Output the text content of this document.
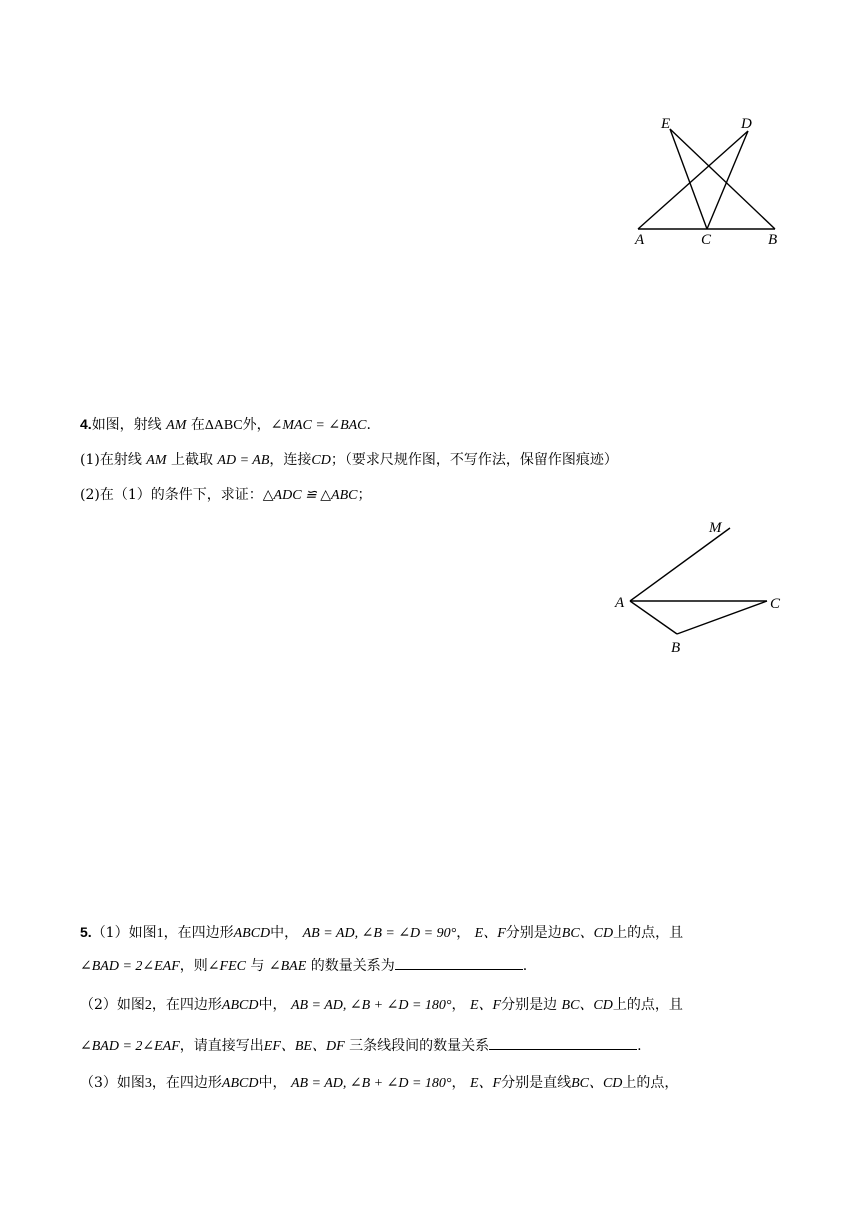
E	D
A	C	B
4.如图，射线 AM 在ΔABC外，∠MAC = ∠BAC.
(1)在射线 AM 上截取 AD = AB，连接CD；（要求尺规作图，不写作法，保留作图痕迹）
(2)在（1）的条件下，求证：△ADC ≌ △ABC；
M
A	C
B
5.（1）如图1，在四边形ABCD中， AB = AD, ∠B = ∠D = 90°， E、F分别是边BC、CD上的点，且
∠BAD = 2∠EAF，则∠FEC 与 ∠BAE 的数量关系为	.
（2）如图2，在四边形ABCD中， AB = AD, ∠B + ∠D = 180°， E、F分别是边 BC、CD上的点，且
∠BAD = 2∠EAF，请直接写出EF、BE、DF 三条线段间的数量关系	.
（3）如图3，在四边形ABCD中， AB = AD, ∠B + ∠D = 180°， E、F分别是直线BC、CD上的点，
